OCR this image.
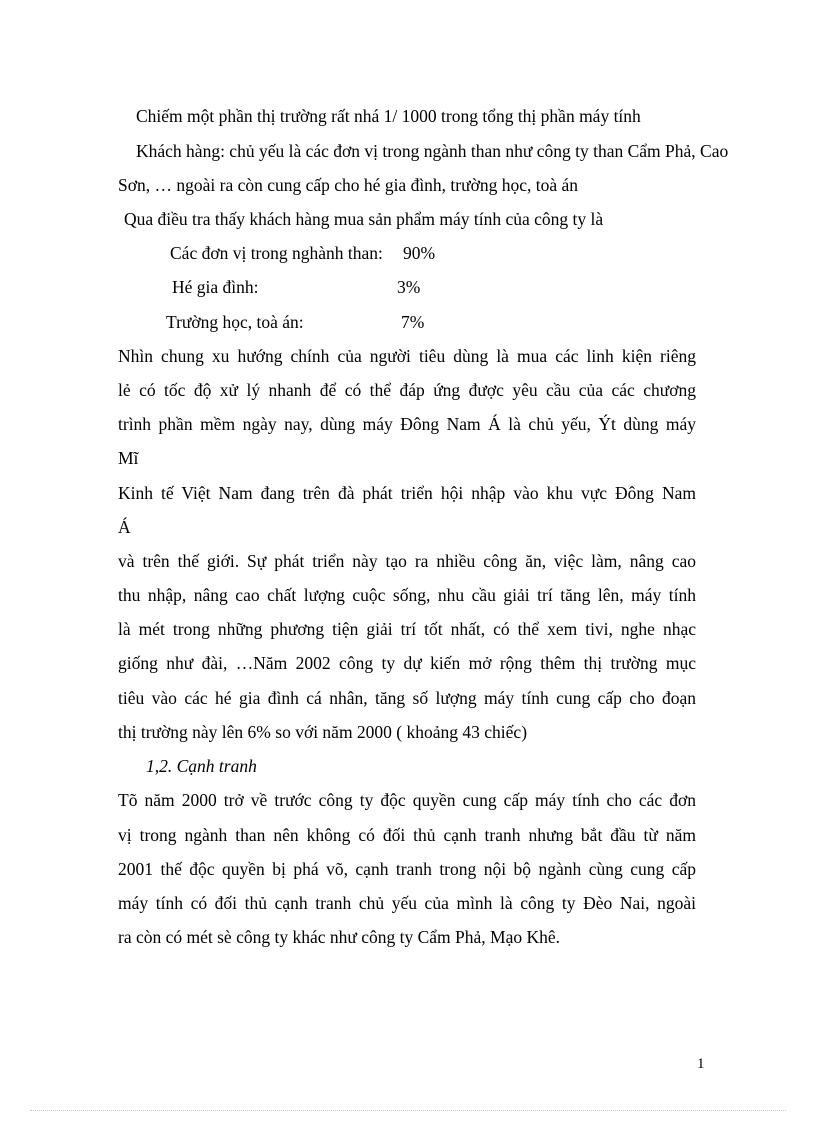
Chiếm một phần thị trường rất nhá 1/ 1000 trong tổng thị phần máy tính

Khách hàng: chủ yếu là các đơn vị trong ngành than như công ty than Cẩm Phả, Cao

Sơn, … ngoài ra còn cung cấp cho hé gia đình, trường học, toà án

Qua điều tra thấy khách hàng mua sản phẩm máy tính của công ty là

Các đơn vị trong nghành than: 90%

Hé gia đình:	3%

Trường học, toà án:	7%

Nhìn chung xu hướng chính của người tiêu dùng là mua các linh kiện riêng

lẻ có tốc độ xử lý nhanh để có thể đáp ứng được yêu cầu của các chương

trình phần mềm ngày nay, dùng máy Đông Nam Á là chủ yếu, Ýt dùng máy

Mĩ

Kinh tế Việt Nam đang trên đà phát triển hội nhập vào khu vực Đông Nam

Á

và trên thế giới. Sự phát triển này tạo ra nhiều công ăn, việc làm, nâng cao

thu nhập, nâng cao chất lượng cuộc sống, nhu cầu giải trí tăng lên, máy tính

là mét trong những phương tiện giải trí tốt nhất, có thể xem tivi, nghe nhạc

giống như đài, …Năm 2002 công ty dự kiến mở rộng thêm thị trường mục

tiêu vào các hé gia đình cá nhân, tăng số lượng máy tính cung cấp cho đoạn

thị trường này lên 6% so với năm 2000 ( khoảng 43 chiếc)

1,2. Cạnh tranh

Tõ năm 2000 trở về trước công ty độc quyền cung cấp máy tính cho các đơn

vị trong ngành than nên không có đối thủ cạnh tranh nhưng bắt đầu từ năm

2001 thế độc quyền bị phá võ, cạnh tranh trong nội bộ ngành cùng cung cấp

máy tính có đối thủ cạnh tranh chủ yếu của mình là công ty Đèo Nai, ngoài

ra còn có mét sè công ty khác như công ty Cẩm Phả, Mạo Khê.

1
